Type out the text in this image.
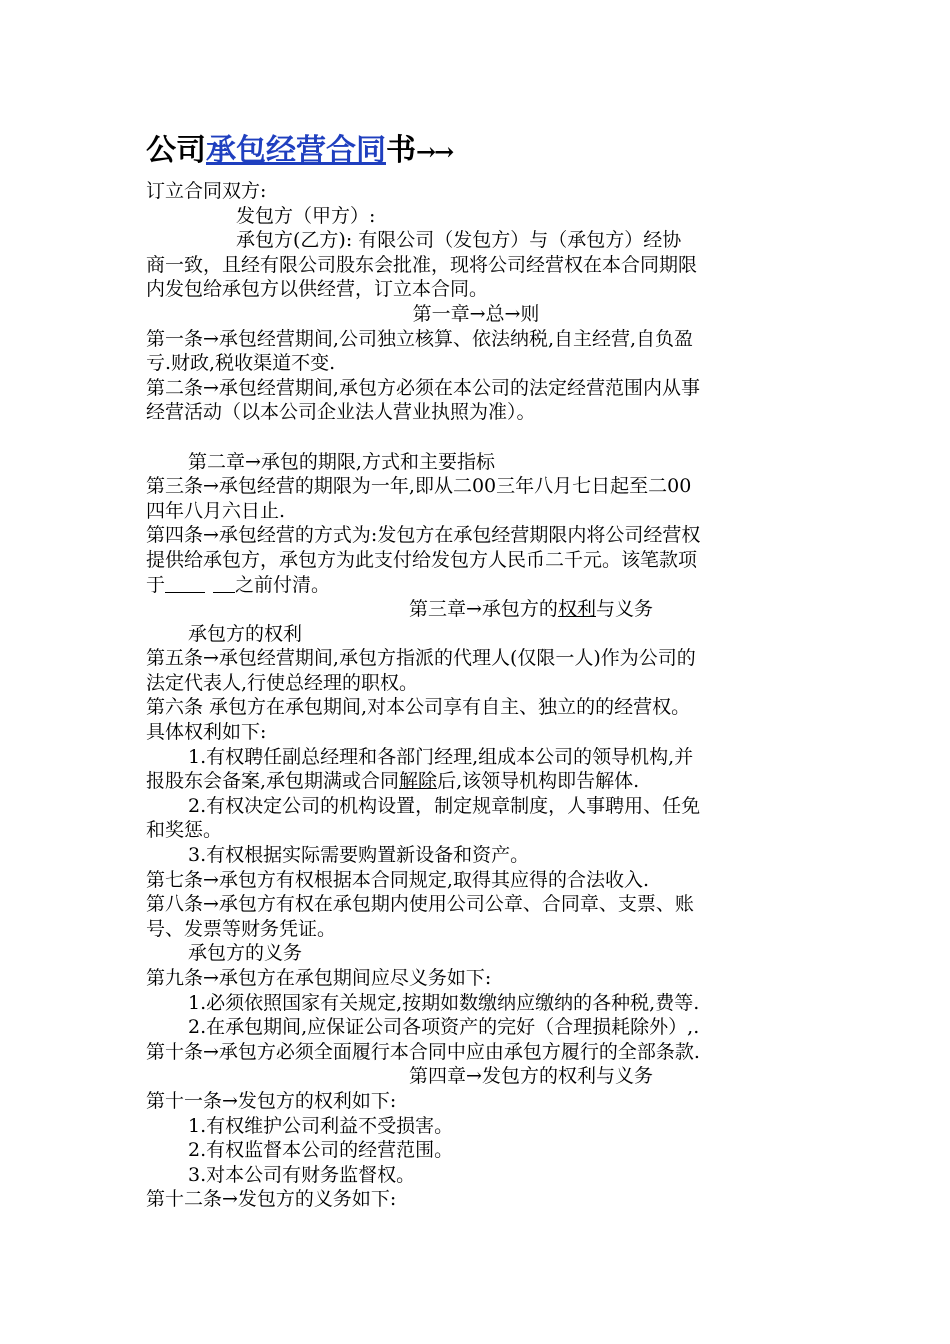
公司承包经营合同书→→

订立合同双方:

发包方（甲方）:

承包方(乙方): 有限公司（发包方）与（承包方）经协

商一致，且经有限公司股东会批准，现将公司经营权在本合同期限

内发包给承包方以供经营，订立本合同。

第一章→总→则

第一条→承包经营期间,公司独立核算、依法纳税,自主经营,自负盈

亏.财政,税收渠道不变.

第二条→承包经营期间,承包方必须在本公司的法定经营范围内从事

经营活动（以本公司企业法人营业执照为准）。

第二章→承包的期限,方式和主要指标

第三条→承包经营的期限为一年,即从二00三年八月七日起至二00

四年八月六日止.

第四条→承包经营的方式为:发包方在承包经营期限内将公司经营权

提供给承包方，承包方为此支付给发包方人民币二千元。该笔款项

于	之前付清。

第三章→承包方的权利与义务

承包方的权利

第五条→承包经营期间,承包方指派的代理人(仅限一人)作为公司的

法定代表人,行使总经理的职权。

第六条 承包方在承包期间,对本公司享有自主、独立的的经营权。

具体权利如下:

1.有权聘任副总经理和各部门经理,组成本公司的领导机构,并

报股东会备案,承包期满或合同解除后,该领导机构即告解体.

2.有权决定公司的机构设置，制定规章制度，人事聘用、任免

和奖惩。

3.有权根据实际需要购置新设备和资产。

第七条→承包方有权根据本合同规定,取得其应得的合法收入.

第八条→承包方有权在承包期内使用公司公章、合同章、支票、账

号、发票等财务凭证。

承包方的义务

第九条→承包方在承包期间应尽义务如下:

1.必须依照国家有关规定,按期如数缴纳应缴纳的各种税,费等.

2.在承包期间,应保证公司各项资产的完好（合理损耗除外）,.

第十条→承包方必须全面履行本合同中应由承包方履行的全部条款.

第四章→发包方的权利与义务

第十一条→发包方的权利如下:

1.有权维护公司利益不受损害。

2.有权监督本公司的经营范围。

3.对本公司有财务监督权。

第十二条→发包方的义务如下:
